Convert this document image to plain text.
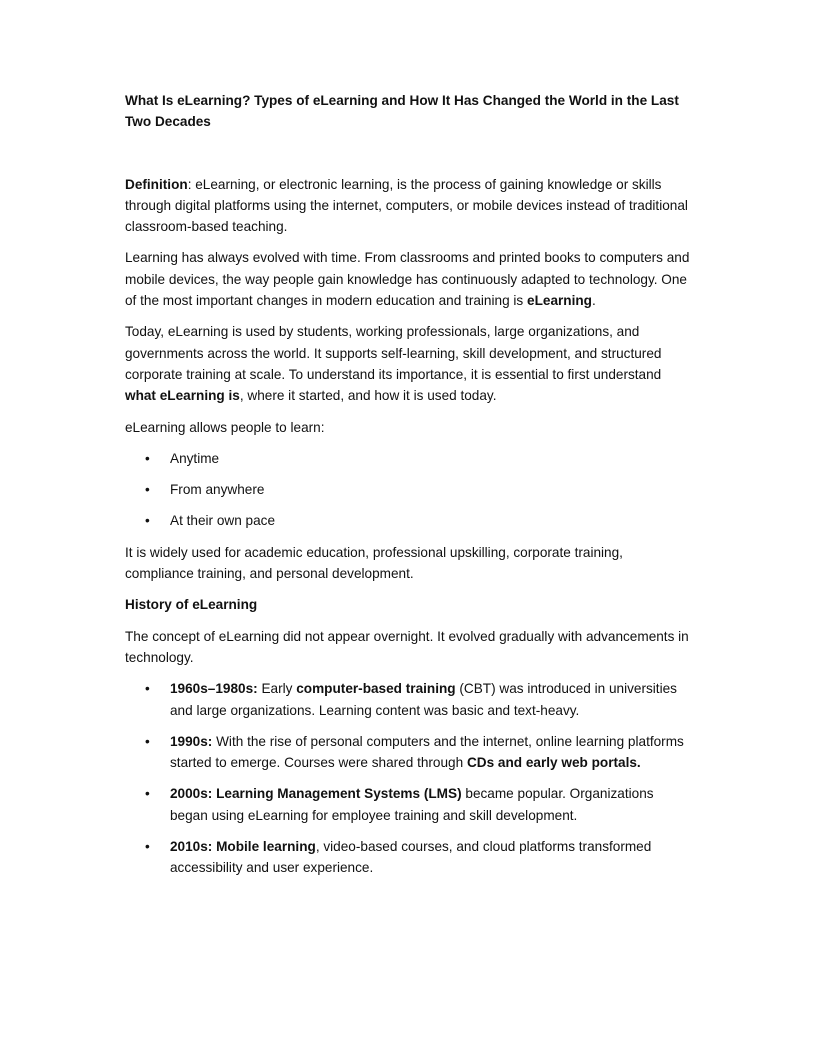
What Is eLearning? Types of eLearning and How It Has Changed the World in the Last Two Decades

Definition: eLearning, or electronic learning, is the process of gaining knowledge or skills through digital platforms using the internet, computers, or mobile devices instead of traditional classroom-based teaching.

Learning has always evolved with time. From classrooms and printed books to computers and mobile devices, the way people gain knowledge has continuously adapted to technology. One of the most important changes in modern education and training is eLearning.

Today, eLearning is used by students, working professionals, large organizations, and governments across the world. It supports self-learning, skill development, and structured corporate training at scale. To understand its importance, it is essential to first understand what eLearning is, where it started, and how it is used today.

eLearning allows people to learn:

• Anytime
• From anywhere
• At their own pace

It is widely used for academic education, professional upskilling, corporate training, compliance training, and personal development.

History of eLearning

The concept of eLearning did not appear overnight. It evolved gradually with advancements in technology.

• 1960s–1980s: Early computer-based training (CBT) was introduced in universities and large organizations. Learning content was basic and text-heavy.
• 1990s: With the rise of personal computers and the internet, online learning platforms started to emerge. Courses were shared through CDs and early web portals.
• 2000s: Learning Management Systems (LMS) became popular. Organizations began using eLearning for employee training and skill development.
• 2010s: Mobile learning, video-based courses, and cloud platforms transformed accessibility and user experience.
